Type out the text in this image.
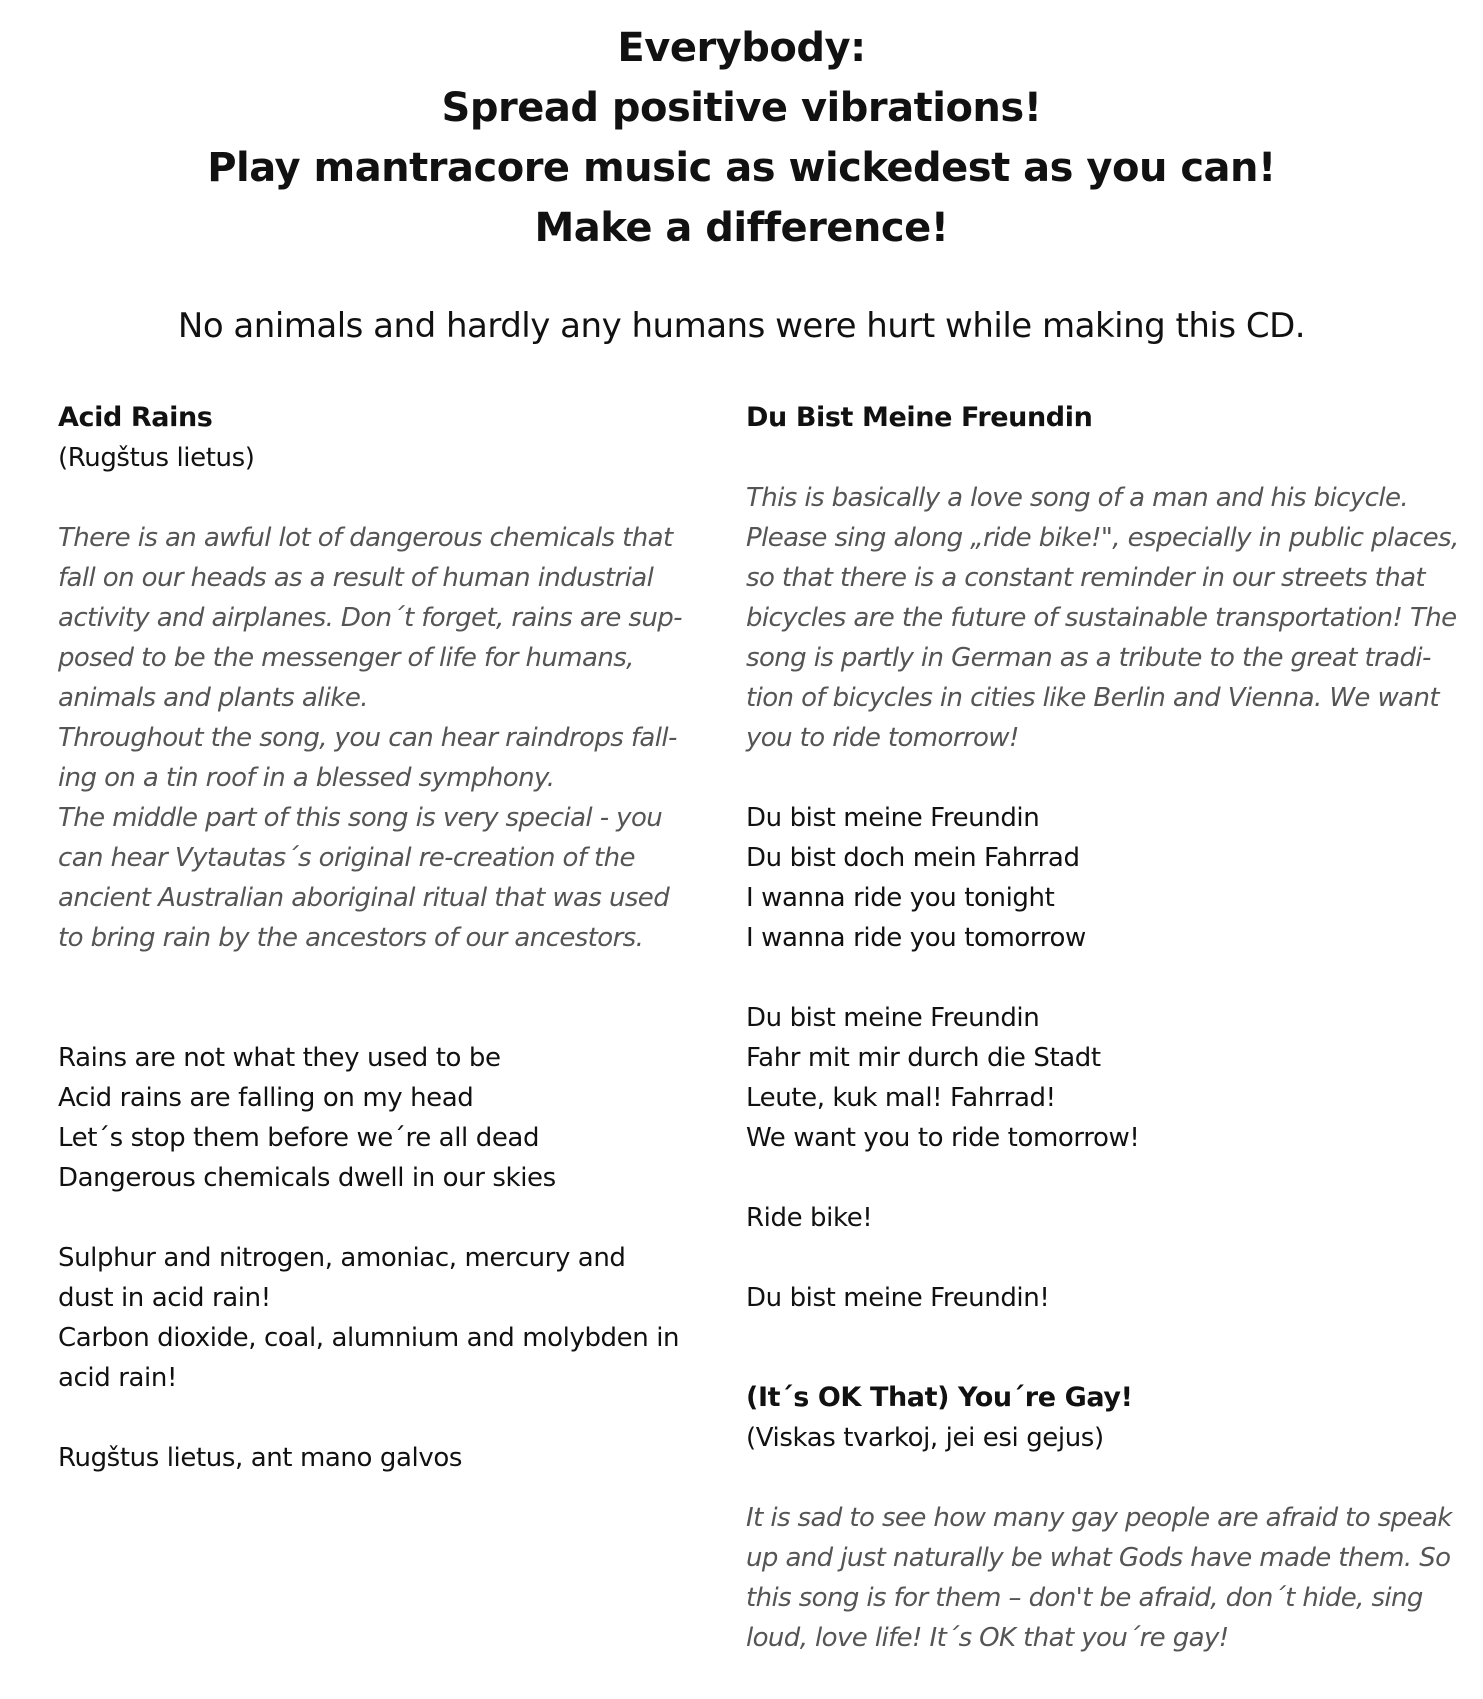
Everybody:
Spread positive vibrations!
Play mantracore music as wickedest as you can!
Make a difference!
No animals and hardly any humans were hurt while making this CD.
Acid Rains
(Rugštus lietus)
There is an awful lot of dangerous chemicals that
fall on our heads as a result of human industrial
activity and airplanes. Don´t forget, rains are sup-
posed to be the messenger of life for humans,
animals and plants alike.
Throughout the song, you can hear raindrops fall-
ing on a tin roof in a blessed symphony.
The middle part of this song is very special - you
can hear Vytautas´s original re-creation of the
ancient Australian aboriginal ritual that was used
to bring rain by the ancestors of our ancestors.
Rains are not what they used to be
Acid rains are falling on my head
Let´s stop them before we´re all dead
Dangerous chemicals dwell in our skies
Sulphur and nitrogen, amoniac, mercury and
dust in acid rain!
Carbon dioxide, coal, alumnium and molybden in
acid rain!
Rugštus lietus, ant mano galvos
Du Bist Meine Freundin
This is basically a love song of a man and his bicycle.
Please sing along „ride bike!", especially in public places,
so that there is a constant reminder in our streets that
bicycles are the future of sustainable transportation! The
song is partly in German as a tribute to the great tradi-
tion of bicycles in cities like Berlin and Vienna. We want
you to ride tomorrow!
Du bist meine Freundin
Du bist doch mein Fahrrad
I wanna ride you tonight
I wanna ride you tomorrow
Du bist meine Freundin
Fahr mit mir durch die Stadt
Leute, kuk mal! Fahrrad!
We want you to ride tomorrow!
Ride bike!
Du bist meine Freundin!
(It´s OK That) You´re Gay!
(Viskas tvarkoj, jei esi gejus)
It is sad to see how many gay people are afraid to speak
up and just naturally be what Gods have made them. So
this song is for them – don't be afraid, don´t hide, sing
loud, love life! It´s OK that you´re gay!
